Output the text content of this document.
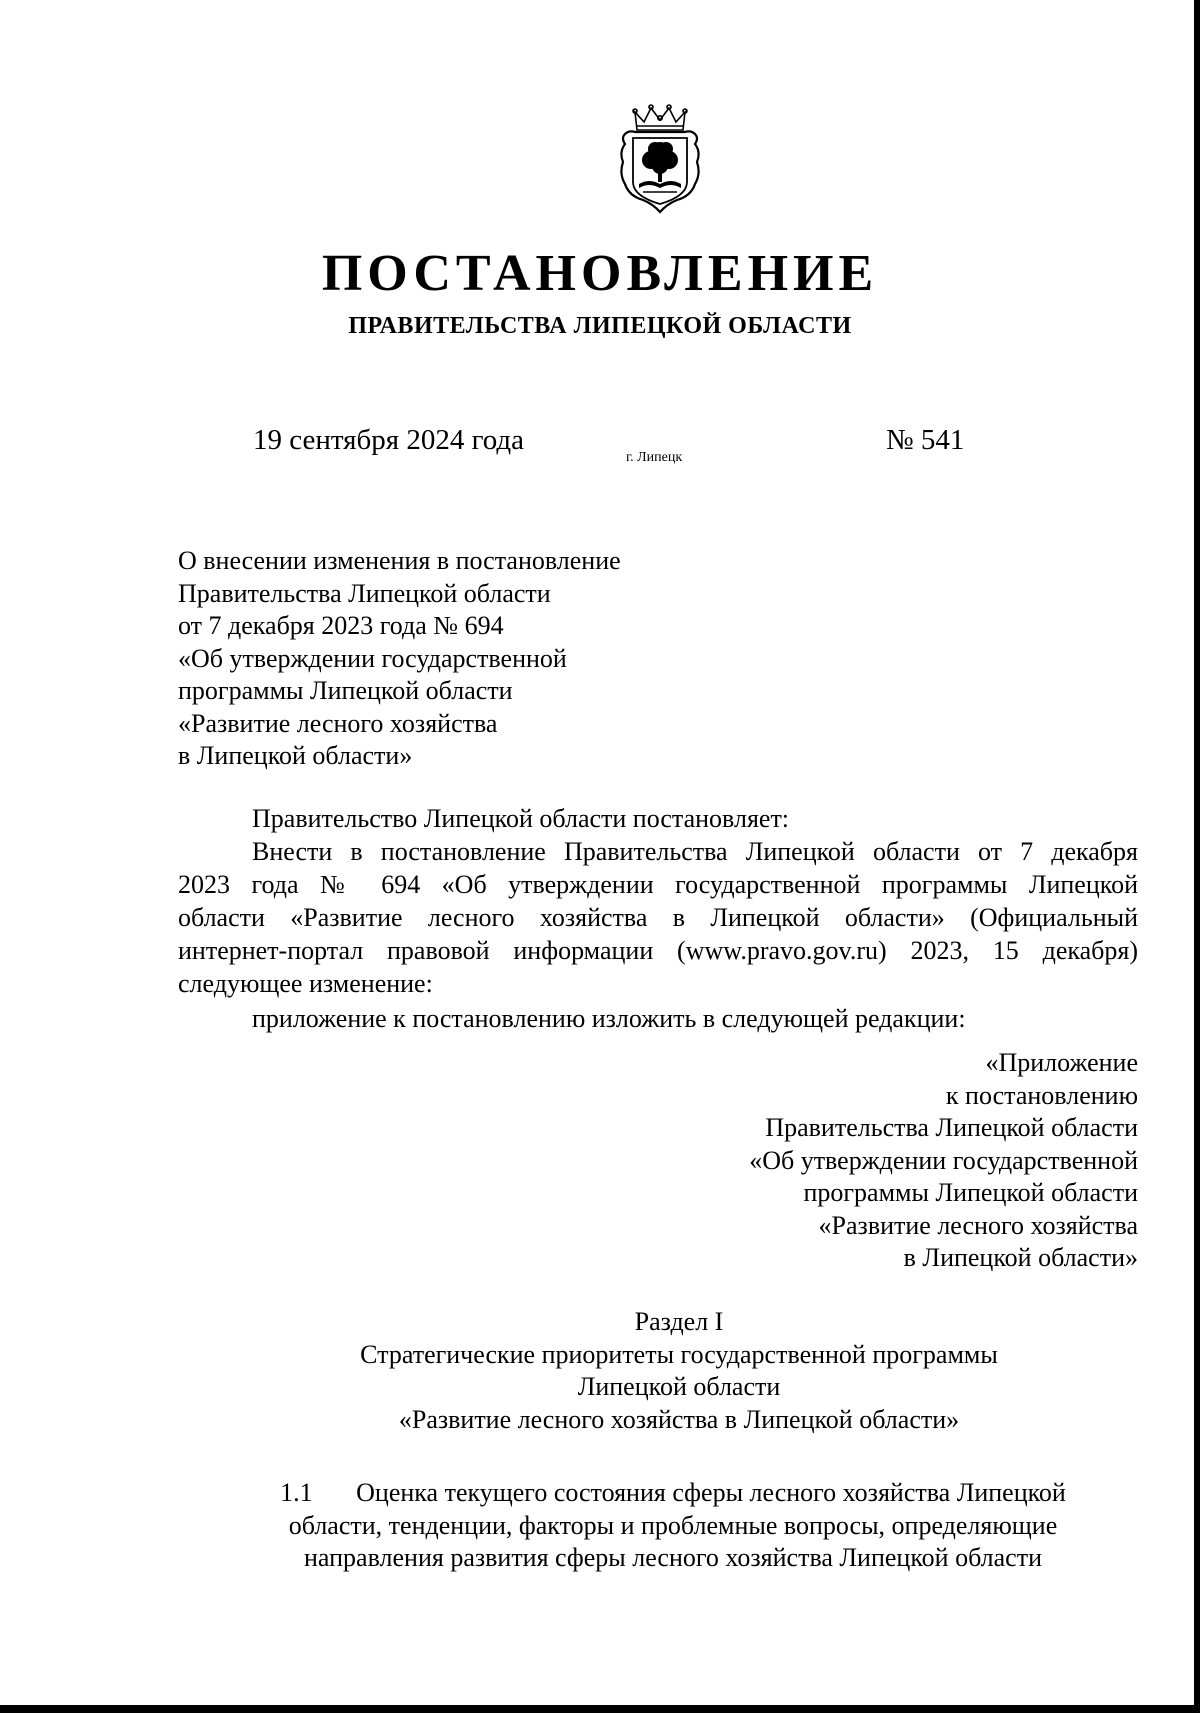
ПОСТАНОВЛЕНИЕ
ПРАВИТЕЛЬСТВА ЛИПЕЦКОЙ ОБЛАСТИ
19 сентября 2024 года
г. Липецк
№ 541
О внесении изменения в постановление
Правительства Липецкой области
от 7 декабря 2023 года № 694
«Об утверждении государственной
программы Липецкой области
«Развитие лесного хозяйства
в Липецкой области»
Правительство Липецкой области постановляет:
Внести в постановление Правительства Липецкой области от 7 декабря
2023 года № 694 «Об утверждении государственной программы Липецкой
области «Развитие лесного хозяйства в Липецкой области» (Официальный
интернет-портал правовой информации (www.pravo.gov.ru) 2023, 15 декабря)
следующее изменение:
приложение к постановлению изложить в следующей редакции:
«Приложение
к постановлению
Правительства Липецкой области
«Об утверждении государственной
программы Липецкой области
«Развитие лесного хозяйства
в Липецкой области»
Раздел I
Стратегические приоритеты государственной программы
Липецкой области
«Развитие лесного хозяйства в Липецкой области»
1.1 Оценка текущего состояния сферы лесного хозяйства Липецкой
области, тенденции, факторы и проблемные вопросы, определяющие
направления развития сферы лесного хозяйства Липецкой области
